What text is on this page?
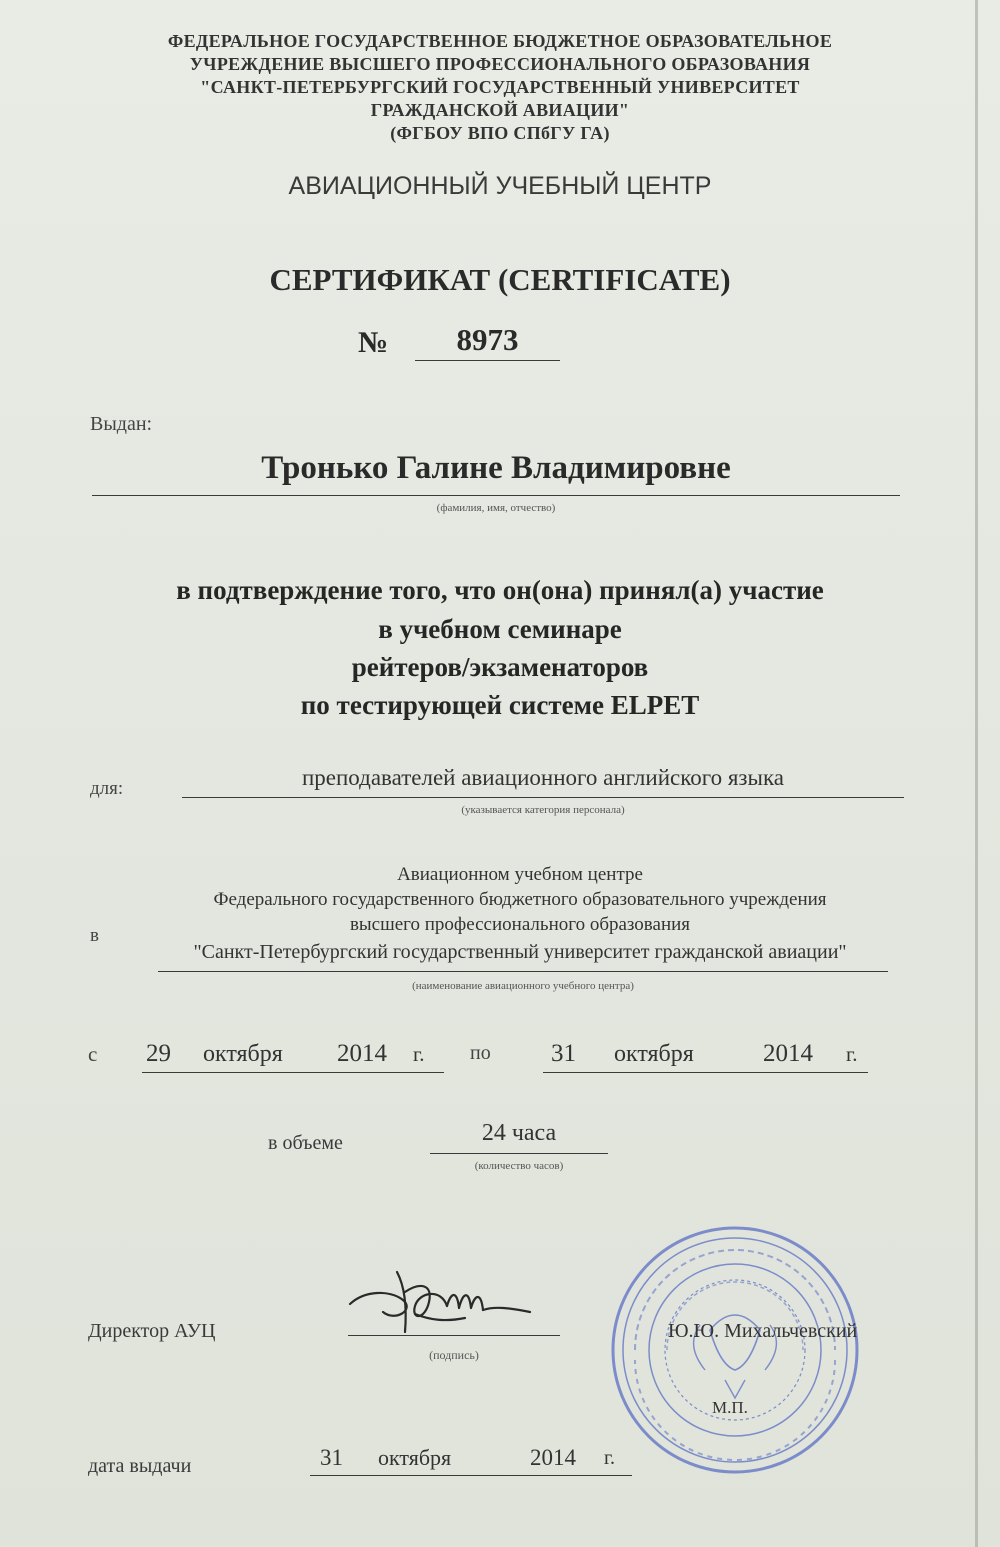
ФЕДЕРАЛЬНОЕ ГОСУДАРСТВЕННОЕ БЮДЖЕТНОЕ ОБРАЗОВАТЕЛЬНОЕ
УЧРЕЖДЕНИЕ ВЫСШЕГО ПРОФЕССИОНАЛЬНОГО ОБРАЗОВАНИЯ
"САНКТ-ПЕТЕРБУРГСКИЙ ГОСУДАРСТВЕННЫЙ УНИВЕРСИТЕТ
ГРАЖДАНСКОЙ АВИАЦИИ"
(ФГБОУ ВПО СПбГУ ГА)
АВИАЦИОННЫЙ УЧЕБНЫЙ ЦЕНТР
СЕРТИФИКАТ (CERTIFICATE)
№	8973
Выдан:
Тронько Галине Владимировне
(фамилия, имя, отчество)
в подтверждение того, что он(она) принял(а) участие
в учебном семинаре
рейтеров/экзаменаторов
по тестирующей системе ELPET
для:	преподавателей авиационного английского языка
(указывается категория персонала)
Авиационном учебном центре
Федерального государственного бюджетного образовательного учреждения
в
высшего профессионального образования
"Санкт-Петербургский государственный университет гражданской авиации"
(наименование авиационного учебного центра)
с 29 октября 2014 г. по 31 октября	2014 г.
в объеме	24 часа
(количество часов)
Директор АУЦ
(подпись)
Ю.Ю. Михальчевский
М.П.
дата выдачи	31 октября	2014 г.
